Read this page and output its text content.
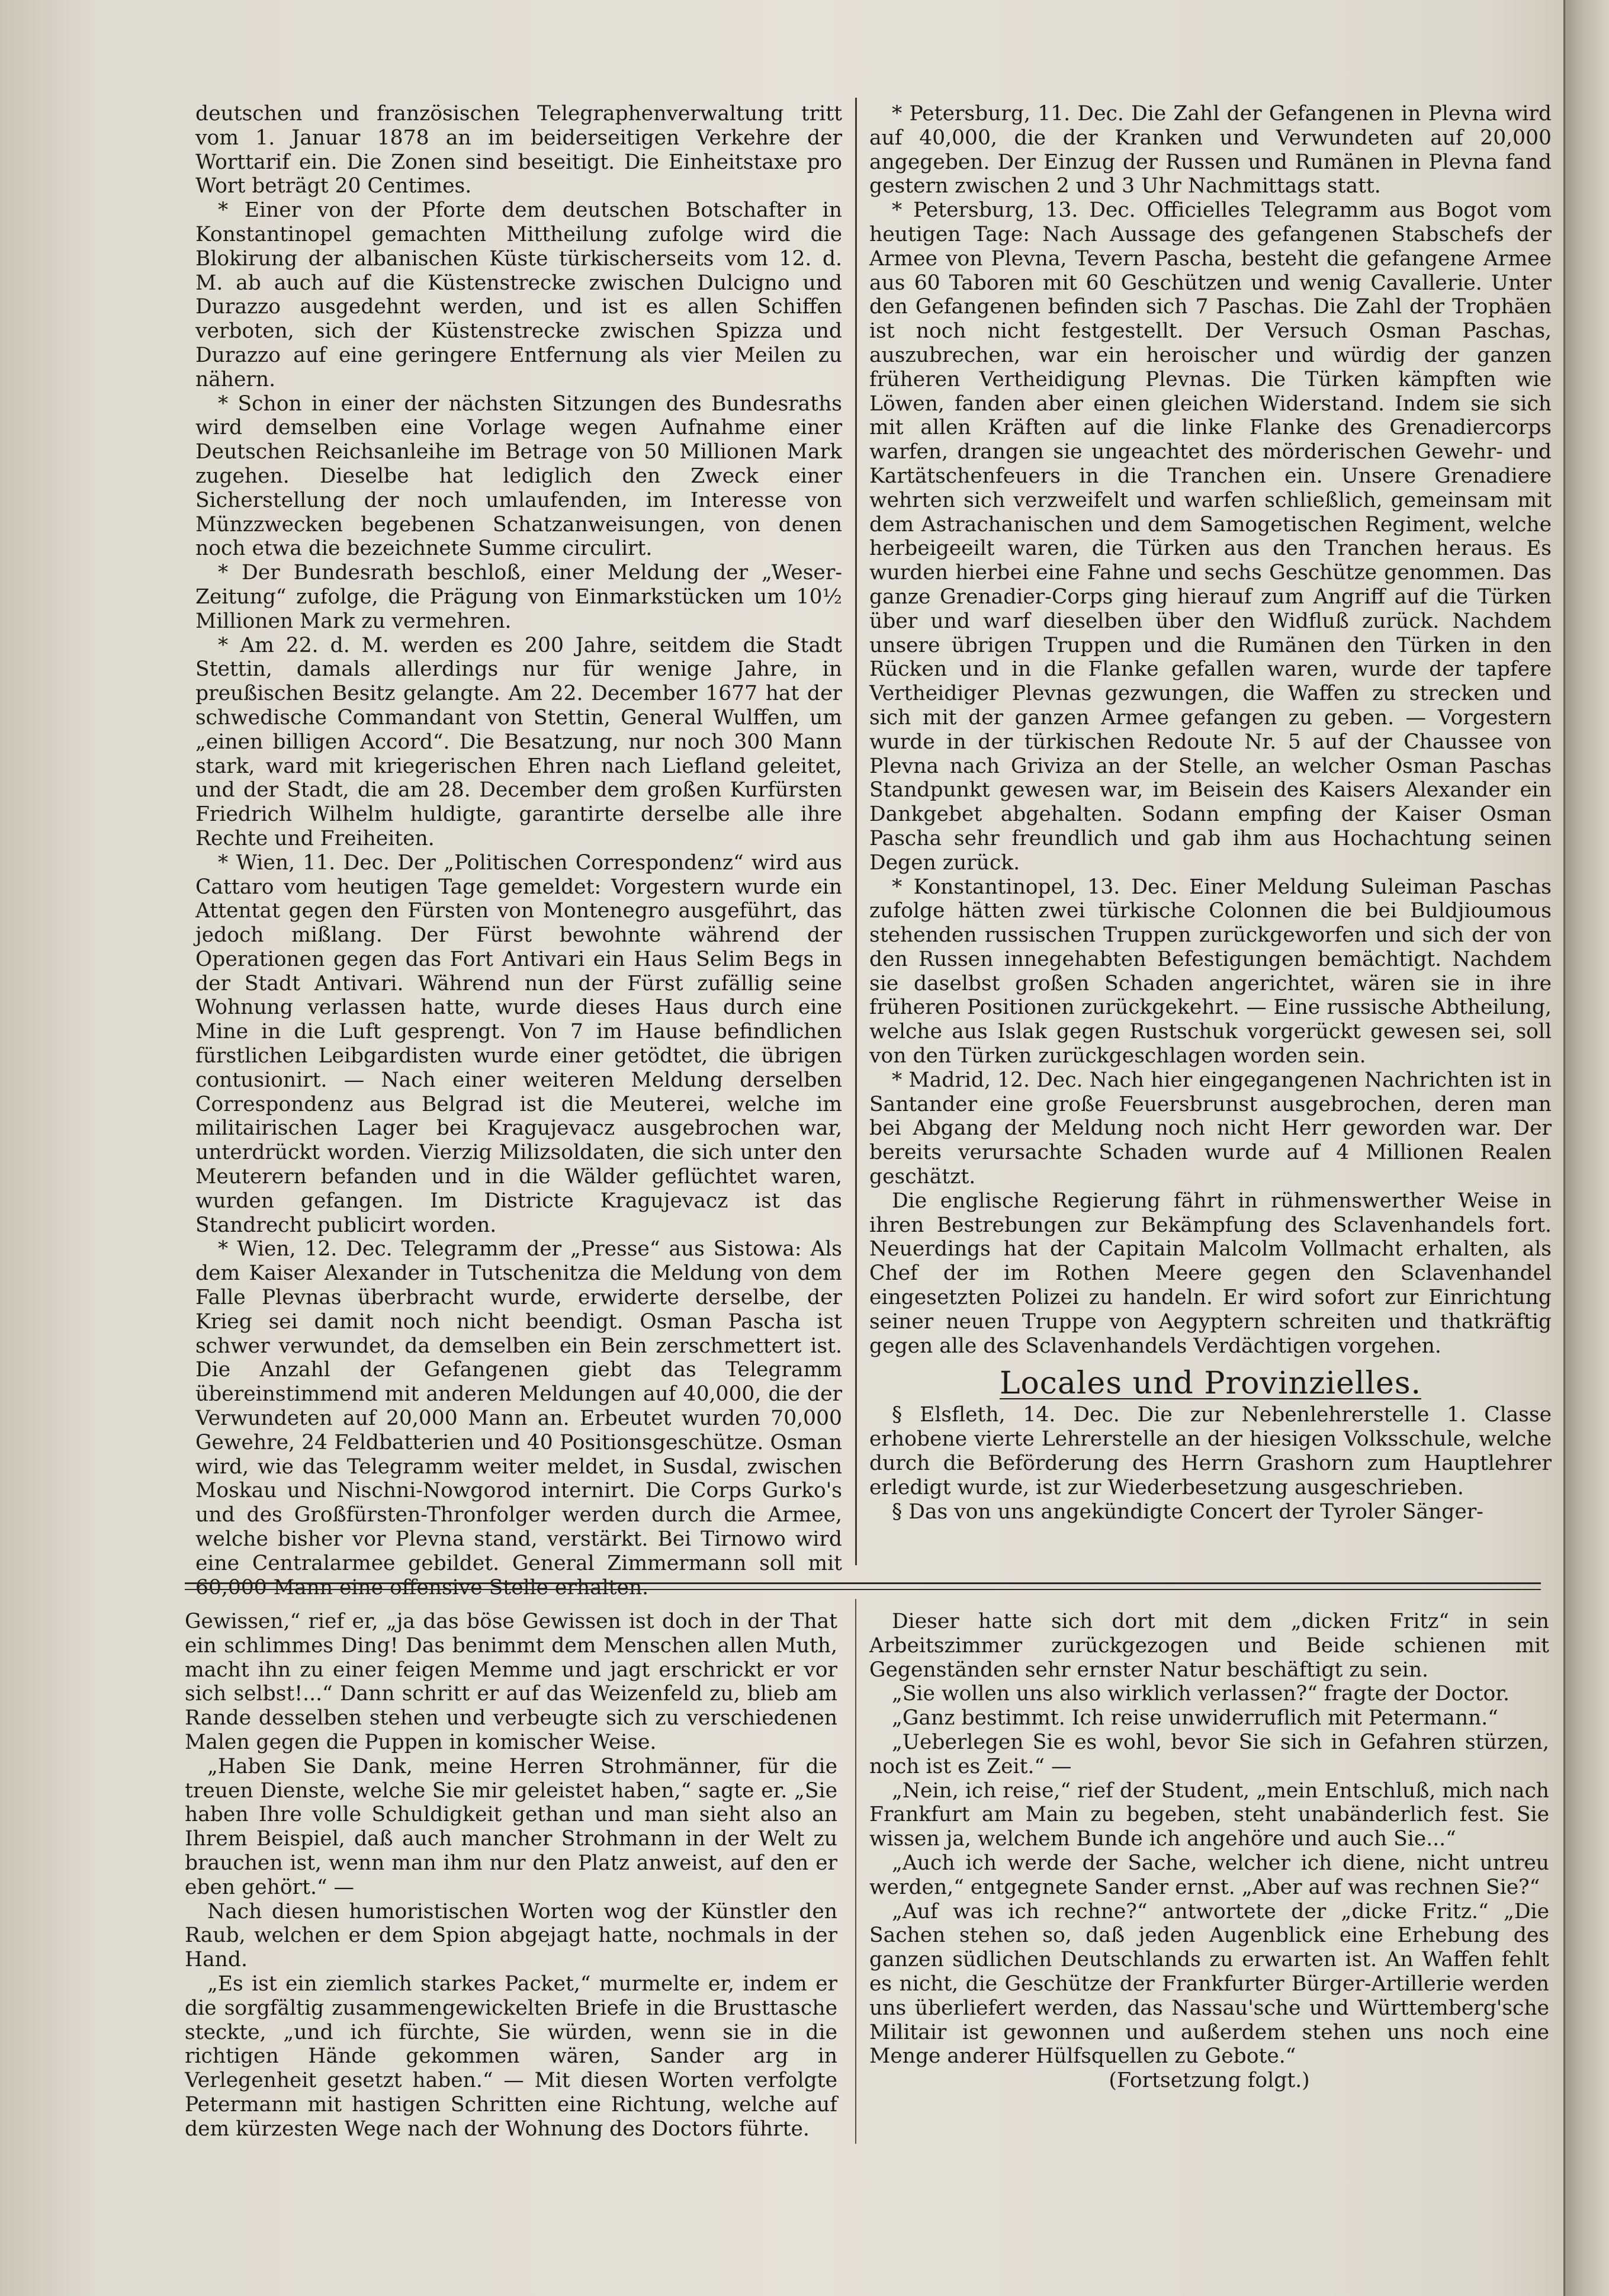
deutschen und französischen Telegraphenverwaltung tritt vom 1. Januar 1878 an im beiderseitigen Verkehre der Worttarif ein. Die Zonen sind beseitigt. Die Einheitstaxe pro Wort beträgt 20 Centimes.

* Einer von der Pforte dem deutschen Botschafter in Konstantinopel gemachten Mittheilung zufolge wird die Blokirung der albanischen Küste türkischerseits vom 12. d. M. ab auch auf die Küstenstrecke zwischen Dulcigno und Durazzo ausgedehnt werden, und ist es allen Schiffen verboten, sich der Küstenstrecke zwischen Spizza und Durazzo auf eine geringere Entfernung als vier Meilen zu nähern.

* Schon in einer der nächsten Sitzungen des Bundesraths wird demselben eine Vorlage wegen Aufnahme einer Deutschen Reichsanleihe im Betrage von 50 Millionen Mark zugehen. Dieselbe hat lediglich den Zweck einer Sicherstellung der noch umlaufenden, im Interesse von Münzzwecken begebenen Schatzanweisungen, von denen noch etwa die bezeichnete Summe circulirt.

* Der Bundesrath beschloß, einer Meldung der „Weser-Zeitung“ zufolge, die Prägung von Einmarkstücken um 10½ Millionen Mark zu vermehren.

* Am 22. d. M. werden es 200 Jahre, seitdem die Stadt Stettin, damals allerdings nur für wenige Jahre, in preußischen Besitz gelangte. Am 22. December 1677 hat der schwedische Commandant von Stettin, General Wulffen, um „einen billigen Accord“. Die Besatzung, nur noch 300 Mann stark, ward mit kriegerischen Ehren nach Liefland geleitet, und der Stadt, die am 28. December dem großen Kurfürsten Friedrich Wilhelm huldigte, garantirte derselbe alle ihre Rechte und Freiheiten.

* Wien, 11. Dec. Der „Politischen Correspondenz“ wird aus Cattaro vom heutigen Tage gemeldet: Vorgestern wurde ein Attentat gegen den Fürsten von Montenegro ausgeführt, das jedoch mißlang. Der Fürst bewohnte während der Operationen gegen das Fort Antivari ein Haus Selim Begs in der Stadt Antivari. Während nun der Fürst zufällig seine Wohnung verlassen hatte, wurde dieses Haus durch eine Mine in die Luft gesprengt. Von 7 im Hause befindlichen fürstlichen Leibgardisten wurde einer getödtet, die übrigen contusionirt. — Nach einer weiteren Meldung derselben Correspondenz aus Belgrad ist die Meuterei, welche im militairischen Lager bei Kragujevacz ausgebrochen war, unterdrückt worden. Vierzig Milizsoldaten, die sich unter den Meuterern befanden und in die Wälder geflüchtet waren, wurden gefangen. Im Districte Kragujevacz ist das Standrecht publicirt worden.

* Wien, 12. Dec. Telegramm der „Presse“ aus Sistowa: Als dem Kaiser Alexander in Tutschenitza die Meldung von dem Falle Plevnas überbracht wurde, erwiderte derselbe, der Krieg sei damit noch nicht beendigt. Osman Pascha ist schwer verwundet, da demselben ein Bein zerschmettert ist. Die Anzahl der Gefangenen giebt das Telegramm übereinstimmend mit anderen Meldungen auf 40,000, die der Verwundeten auf 20,000 Mann an. Erbeutet wurden 70,000 Gewehre, 24 Feldbatterien und 40 Positionsgeschütze. Osman wird, wie das Telegramm weiter meldet, in Susdal, zwischen Moskau und Nischni-Nowgorod internirt. Die Corps Gurko's und des Großfürsten-Thronfolger werden durch die Armee, welche bisher vor Plevna stand, verstärkt. Bei Tirnowo wird eine Centralarmee gebildet. General Zimmermann soll mit 60,000 Mann eine offensive Stelle erhalten.

* Petersburg, 11. Dec. Die Zahl der Gefangenen in Plevna wird auf 40,000, die der Kranken und Verwundeten auf 20,000 angegeben. Der Einzug der Russen und Rumänen in Plevna fand gestern zwischen 2 und 3 Uhr Nachmittags statt.

* Petersburg, 13. Dec. Officielles Telegramm aus Bogot vom heutigen Tage: Nach Aussage des gefangenen Stabschefs der Armee von Plevna, Tevern Pascha, besteht die gefangene Armee aus 60 Taboren mit 60 Geschützen und wenig Cavallerie. Unter den Gefangenen befinden sich 7 Paschas. Die Zahl der Trophäen ist noch nicht festgestellt. Der Versuch Osman Paschas, auszubrechen, war ein heroischer und würdig der ganzen früheren Vertheidigung Plevnas. Die Türken kämpften wie Löwen, fanden aber einen gleichen Widerstand. Indem sie sich mit allen Kräften auf die linke Flanke des Grenadiercorps warfen, drangen sie ungeachtet des mörderischen Gewehr- und Kartätschenfeuers in die Tranchen ein. Unsere Grenadiere wehrten sich verzweifelt und warfen schließlich, gemeinsam mit dem Astrachanischen und dem Samogetischen Regiment, welche herbeigeeilt waren, die Türken aus den Tranchen heraus. Es wurden hierbei eine Fahne und sechs Geschütze genommen. Das ganze Grenadier-Corps ging hierauf zum Angriff auf die Türken über und warf dieselben über den Widfluß zurück. Nachdem unsere übrigen Truppen und die Rumänen den Türken in den Rücken und in die Flanke gefallen waren, wurde der tapfere Vertheidiger Plevnas gezwungen, die Waffen zu strecken und sich mit der ganzen Armee gefangen zu geben. — Vorgestern wurde in der türkischen Redoute Nr. 5 auf der Chaussee von Plevna nach Griviza an der Stelle, an welcher Osman Paschas Standpunkt gewesen war, im Beisein des Kaisers Alexander ein Dankgebet abgehalten. Sodann empfing der Kaiser Osman Pascha sehr freundlich und gab ihm aus Hochachtung seinen Degen zurück.

* Konstantinopel, 13. Dec. Einer Meldung Suleiman Paschas zufolge hätten zwei türkische Colonnen die bei Buldjioumous stehenden russischen Truppen zurückgeworfen und sich der von den Russen innegehabten Befestigungen bemächtigt. Nachdem sie daselbst großen Schaden angerichtet, wären sie in ihre früheren Positionen zurückgekehrt. — Eine russische Abtheilung, welche aus Islak gegen Rustschuk vorgerückt gewesen sei, soll von den Türken zurückgeschlagen worden sein.

* Madrid, 12. Dec. Nach hier eingegangenen Nachrichten ist in Santander eine große Feuersbrunst ausgebrochen, deren man bei Abgang der Meldung noch nicht Herr geworden war. Der bereits verursachte Schaden wurde auf 4 Millionen Realen geschätzt.

Die englische Regierung fährt in rühmenswerther Weise in ihren Bestrebungen zur Bekämpfung des Sclavenhandels fort. Neuerdings hat der Capitain Malcolm Vollmacht erhalten, als Chef der im Rothen Meere gegen den Sclavenhandel eingesetzten Polizei zu handeln. Er wird sofort zur Einrichtung seiner neuen Truppe von Aegyptern schreiten und thatkräftig gegen alle des Sclavenhandels Verdächtigen vorgehen.

Locales und Provinzielles.

§ Elsfleth, 14. Dec. Die zur Nebenlehrerstelle 1. Classe erhobene vierte Lehrerstelle an der hiesigen Volksschule, welche durch die Beförderung des Herrn Grashorn zum Hauptlehrer erledigt wurde, ist zur Wiederbesetzung ausgeschrieben.

§ Das von uns angekündigte Concert der Tyroler Sänger-

Gewissen,“ rief er, „ja das böse Gewissen ist doch in der That ein schlimmes Ding! Das benimmt dem Menschen allen Muth, macht ihn zu einer feigen Memme und jagt erschrickt er vor sich selbst!...“ Dann schritt er auf das Weizenfeld zu, blieb am Rande desselben stehen und verbeugte sich zu verschiedenen Malen gegen die Puppen in komischer Weise.

„Haben Sie Dank, meine Herren Strohmänner, für die treuen Dienste, welche Sie mir geleistet haben,“ sagte er. „Sie haben Ihre volle Schuldigkeit gethan und man sieht also an Ihrem Beispiel, daß auch mancher Strohmann in der Welt zu brauchen ist, wenn man ihm nur den Platz anweist, auf den er eben gehört.“ —

Nach diesen humoristischen Worten wog der Künstler den Raub, welchen er dem Spion abgejagt hatte, nochmals in der Hand.

„Es ist ein ziemlich starkes Packet,“ murmelte er, indem er die sorgfältig zusammengewickelten Briefe in die Brusttasche steckte, „und ich fürchte, Sie würden, wenn sie in die richtigen Hände gekommen wären, Sander arg in Verlegenheit gesetzt haben.“ — Mit diesen Worten verfolgte Petermann mit hastigen Schritten eine Richtung, welche auf dem kürzesten Wege nach der Wohnung des Doctors führte.

Dieser hatte sich dort mit dem „dicken Fritz“ in sein Arbeitszimmer zurückgezogen und Beide schienen mit Gegenständen sehr ernster Natur beschäftigt zu sein.

„Sie wollen uns also wirklich verlassen?“ fragte der Doctor.

„Ganz bestimmt. Ich reise unwiderruflich mit Petermann.“

„Ueberlegen Sie es wohl, bevor Sie sich in Gefahren stürzen, noch ist es Zeit.“ —

„Nein, ich reise,“ rief der Student, „mein Entschluß, mich nach Frankfurt am Main zu begeben, steht unabänderlich fest. Sie wissen ja, welchem Bunde ich angehöre und auch Sie...“

„Auch ich werde der Sache, welcher ich diene, nicht untreu werden,“ entgegnete Sander ernst. „Aber auf was rechnen Sie?“

„Auf was ich rechne?“ antwortete der „dicke Fritz.“ „Die Sachen stehen so, daß jeden Augenblick eine Erhebung des ganzen südlichen Deutschlands zu erwarten ist. An Waffen fehlt es nicht, die Geschütze der Frankfurter Bürger-Artillerie werden uns überliefert werden, das Nassau'sche und Württemberg'sche Militair ist gewonnen und außerdem stehen uns noch eine Menge anderer Hülfsquellen zu Gebote.“

(Fortsetzung folgt.)
